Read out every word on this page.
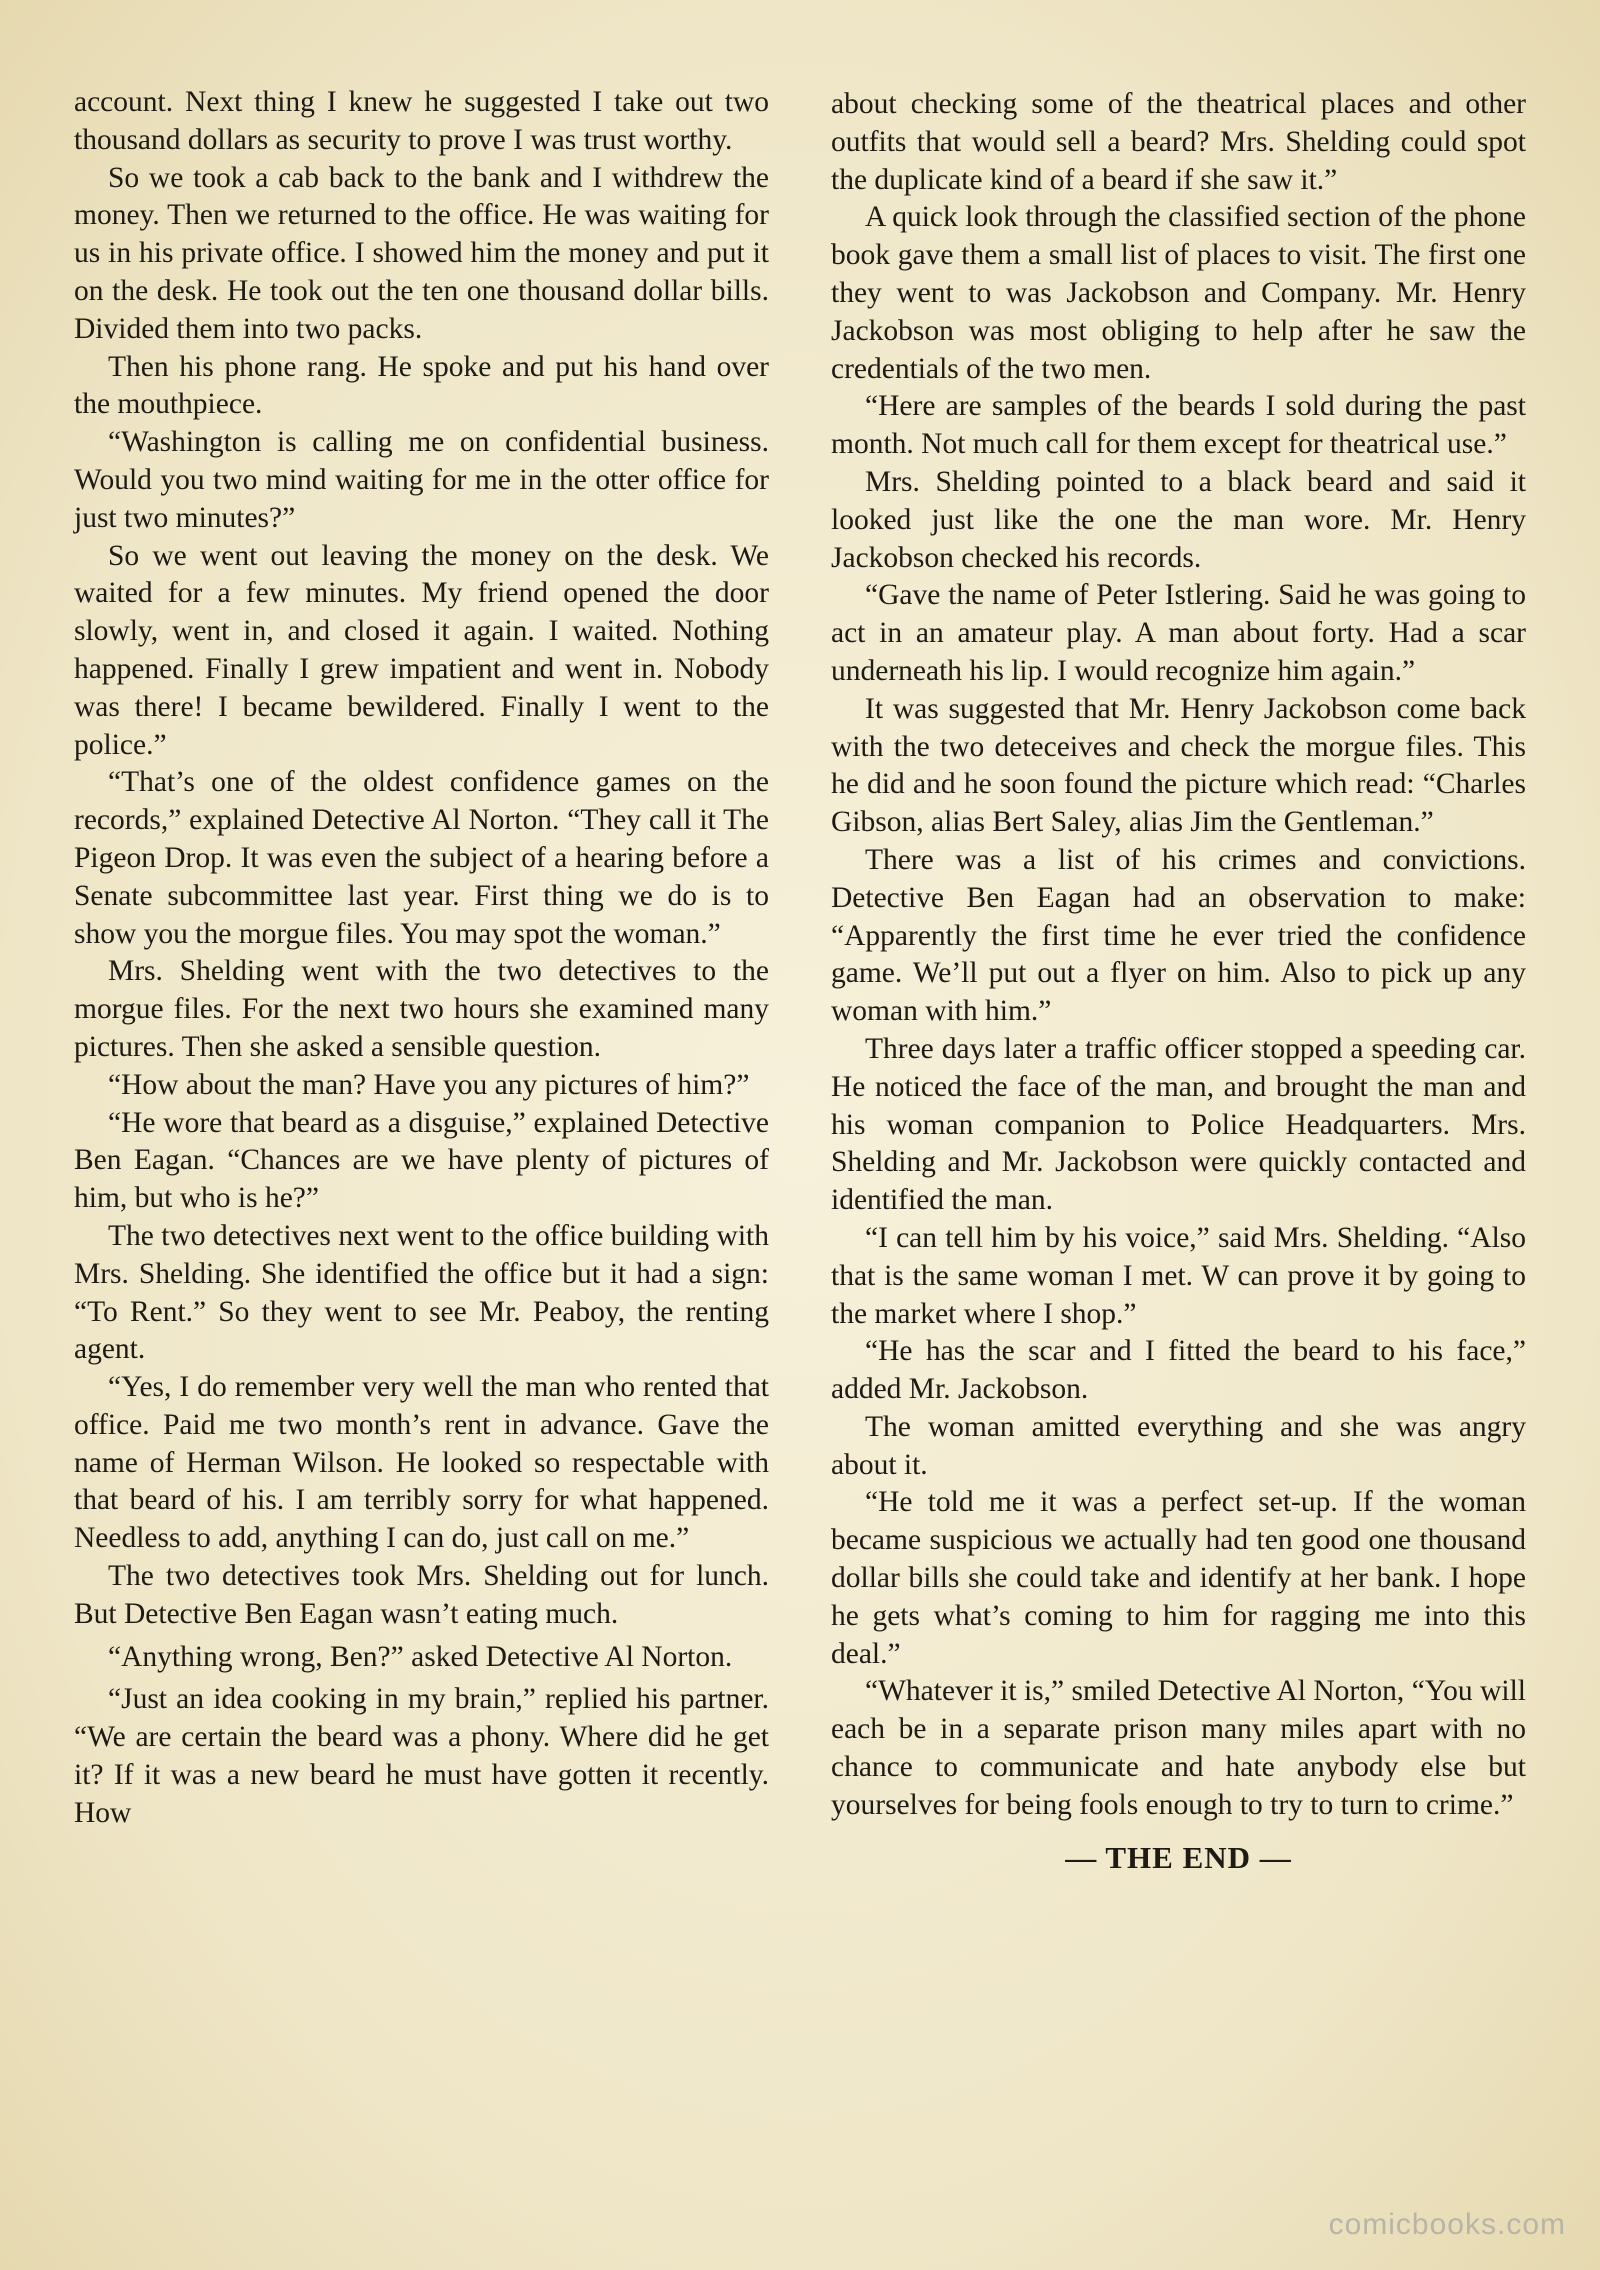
account. Next thing I knew he suggested I take out two thousand dollars as security to prove I was trust worthy.

So we took a cab back to the bank and I withdrew the money. Then we returned to the office. He was waiting for us in his private office. I showed him the money and put it on the desk. He took out the ten one thousand dollar bills. Divided them into two packs.

Then his phone rang. He spoke and put his hand over the mouthpiece.

“Washington is calling me on confidential business. Would you two mind waiting for me in the otter office for just two minutes?”

So we went out leaving the money on the desk. We waited for a few minutes. My friend opened the door slowly, went in, and closed it again. I waited. Nothing happened. Finally I grew impatient and went in. Nobody was there! I became bewildered. Finally I went to the police.”

“That’s one of the oldest confidence games on the records,” explained Detective Al Norton. “They call it The Pigeon Drop. It was even the subject of a hearing before a Senate subcommittee last year. First thing we do is to show you the morgue files. You may spot the woman.”

Mrs. Shelding went with the two detectives to the morgue files. For the next two hours she examined many pictures. Then she asked a sensible question.

“How about the man? Have you any pictures of him?”

“He wore that beard as a disguise,” explained Detective Ben Eagan. “Chances are we have plenty of pictures of him, but who is he?”

The two detectives next went to the office building with Mrs. Shelding. She identified the office but it had a sign: “To Rent.” So they went to see Mr. Peaboy, the renting agent.

“Yes, I do remember very well the man who rented that office. Paid me two month’s rent in advance. Gave the name of Herman Wilson. He looked so respectable with that beard of his. I am terribly sorry for what happened. Needless to add, anything I can do, just call on me.”

The two detectives took Mrs. Shelding out for lunch. But Detective Ben Eagan wasn’t eating much.

“Anything wrong, Ben?” asked Detective Al Norton.

“Just an idea cooking in my brain,” replied his partner. “We are certain the beard was a phony. Where did he get it? If it was a new beard he must have gotten it recently. How

about checking some of the theatrical places and other outfits that would sell a beard? Mrs. Shelding could spot the duplicate kind of a beard if she saw it.”

A quick look through the classified section of the phone book gave them a small list of places to visit. The first one they went to was Jackobson and Company. Mr. Henry Jackobson was most obliging to help after he saw the credentials of the two men.

“Here are samples of the beards I sold during the past month. Not much call for them except for theatrical use.”

Mrs. Shelding pointed to a black beard and said it looked just like the one the man wore. Mr. Henry Jackobson checked his records.

“Gave the name of Peter Istlering. Said he was going to act in an amateur play. A man about forty. Had a scar underneath his lip. I would recognize him again.”

It was suggested that Mr. Henry Jackobson come back with the two deteceives and check the morgue files. This he did and he soon found the picture which read: “Charles Gibson, alias Bert Saley, alias Jim the Gentleman.”

There was a list of his crimes and convictions. Detective Ben Eagan had an observation to make: “Apparently the first time he ever tried the confidence game. We’ll put out a flyer on him. Also to pick up any woman with him.”

Three days later a traffic officer stopped a speeding car. He noticed the face of the man, and brought the man and his woman companion to Police Headquarters. Mrs. Shelding and Mr. Jackobson were quickly contacted and identified the man.

“I can tell him by his voice,” said Mrs. Shelding. “Also that is the same woman I met. W can prove it by going to the market where I shop.”

“He has the scar and I fitted the beard to his face,” added Mr. Jackobson.

The woman amitted everything and she was angry about it.

“He told me it was a perfect set-up. If the woman became suspicious we actually had ten good one thousand dollar bills she could take and identify at her bank. I hope he gets what’s coming to him for ragging me into this deal.”

“Whatever it is,” smiled Detective Al Norton, “You will each be in a separate prison many miles apart with no chance to communicate and hate anybody else but yourselves for being fools enough to try to turn to crime.”

— THE END —
comicbooks.com
